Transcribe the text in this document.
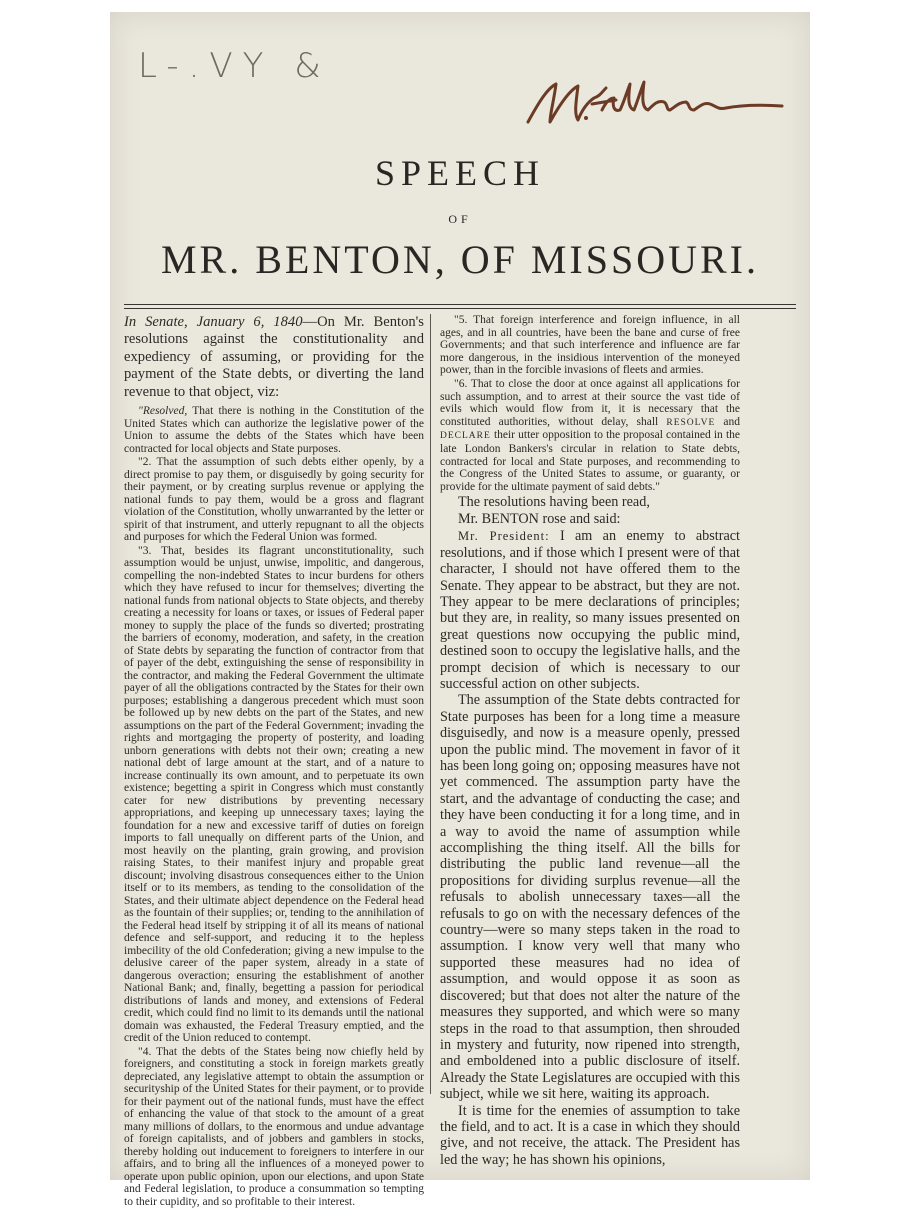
L-.VY &
SPEECH
OF
MR. BENTON, OF MISSOURI.

In Senate, January 6, 1840—On Mr. Benton's resolutions against the constitutionality and expediency of assuming, or providing for the payment of the State debts, or diverting the land revenue to that object, viz:

"Resolved, That there is nothing in the Constitution of the United States which can authorize the legislative power of the Union to assume the debts of the States which have been contracted for local objects and State purposes.

"2. That the assumption of such debts either openly, by a direct promise to pay them, or disguisedly by going security for their payment, or by creating surplus revenue or applying the national funds to pay them, would be a gross and flagrant violation of the Constitution, wholly unwarranted by the letter or spirit of that instrument, and utterly repugnant to all the objects and purposes for which the Federal Union was formed.

"3. That, besides its flagrant unconstitutionality, such assumption would be unjust, unwise, impolitic, and dangerous, compelling the non-indebted States to incur burdens for others which they have refused to incur for themselves; diverting the national funds from national objects to State objects, and thereby creating a necessity for loans or taxes, or issues of Federal paper money to supply the place of the funds so diverted; prostrating the barriers of economy, moderation, and safety, in the creation of State debts by separating the function of contractor from that of payer of the debt, extinguishing the sense of responsibility in the contractor, and making the Federal Government the ultimate payer of all the obligations contracted by the States for their own purposes; establishing a dangerous precedent which must soon be followed up by new debts on the part of the States, and new assumptions on the part of the Federal Government; invading the rights and mortgaging the property of posterity, and loading unborn generations with debts not their own; creating a new national debt of large amount at the start, and of a nature to increase continually its own amount, and to perpetuate its own existence; begetting a spirit in Congress which must constantly cater for new distributions by preventing necessary appropriations, and keeping up unnecessary taxes; laying the foundation for a new and excessive tariff of duties on foreign imports to fall unequally on different parts of the Union, and most heavily on the planting, grain growing, and provision raising States, to their manifest injury and propable great discount; involving disastrous consequences either to the Union itself or to its members, as tending to the consolidation of the States, and their ultimate abject dependence on the Federal head as the fountain of their supplies; or, tending to the annihilation of the Federal head itself by stripping it of all its means of national defence and self-support, and reducing it to the hepless imbecility of the old Confederation; giving a new impulse to the delusive career of the paper system, already in a state of dangerous overaction; ensuring the establishment of another National Bank; and, finally, begetting a passion for periodical distributions of lands and money, and extensions of Federal credit, which could find no limit to its demands until the national domain was exhausted, the Federal Treasury emptied, and the credit of the Union reduced to contempt.

"4. That the debts of the States being now chiefly held by foreigners, and constituting a stock in foreign markets greatly depreciated, any legislative attempt to obtain the assumption or securityship of the United States for their payment, or to provide for their payment out of the national funds, must have the effect of enhancing the value of that stock to the amount of a great many millions of dollars, to the enormous and undue advantage of foreign capitalists, and of jobbers and gamblers in stocks, thereby holding out inducement to foreigners to interfere in our affairs, and to bring all the influences of a moneyed power to operate upon public opinion, upon our elections, and upon State and Federal legislation, to produce a consummation so tempting to their cupidity, and so profitable to their interest.

"5. That foreign interference and foreign influence, in all ages, and in all countries, have been the bane and curse of free Governments; and that such interference and influence are far more dangerous, in the insidious intervention of the moneyed power, than in the forcible invasions of fleets and armies.

"6. That to close the door at once against all applications for such assumption, and to arrest at their source the vast tide of evils which would flow from it, it is necessary that the constituted authorities, without delay, shall RESOLVE and DECLARE their utter opposition to the proposal contained in the late London Bankers's circular in relation to State debts, contracted for local and State purposes, and recommending to the Congress of the United States to assume, or guaranty, or provide for the ultimate payment of said debts."

The resolutions having been read,

Mr. BENTON rose and said:

Mr. President: I am an enemy to abstract resolutions, and if those which I present were of that character, I should not have offered them to the Senate. They appear to be abstract, but they are not. They appear to be mere declarations of principles; but they are, in reality, so many issues presented on great questions now occupying the public mind, destined soon to occupy the legislative halls, and the prompt decision of which is necessary to our successful action on other subjects.

The assumption of the State debts contracted for State purposes has been for a long time a measure disguisedly, and now is a measure openly, pressed upon the public mind. The movement in favor of it has been long going on; opposing measures have not yet commenced. The assumption party have the start, and the advantage of conducting the case; and they have been conducting it for a long time, and in a way to avoid the name of assumption while accomplishing the thing itself. All the bills for distributing the public land revenue—all the propositions for dividing surplus revenue—all the refusals to abolish unnecessary taxes—all the refusals to go on with the necessary defences of the country—were so many steps taken in the road to assumption. I know very well that many who supported these measures had no idea of assumption, and would oppose it as soon as discovered; but that does not alter the nature of the measures they supported, and which were so many steps in the road to that assumption, then shrouded in mystery and futurity, now ripened into strength, and emboldened into a public disclosure of itself. Already the State Legislatures are occupied with this subject, while we sit here, waiting its approach.

It is time for the enemies of assumption to take the field, and to act. It is a case in which they should give, and not receive, the attack. The President has led the way; he has shown his opinions,
